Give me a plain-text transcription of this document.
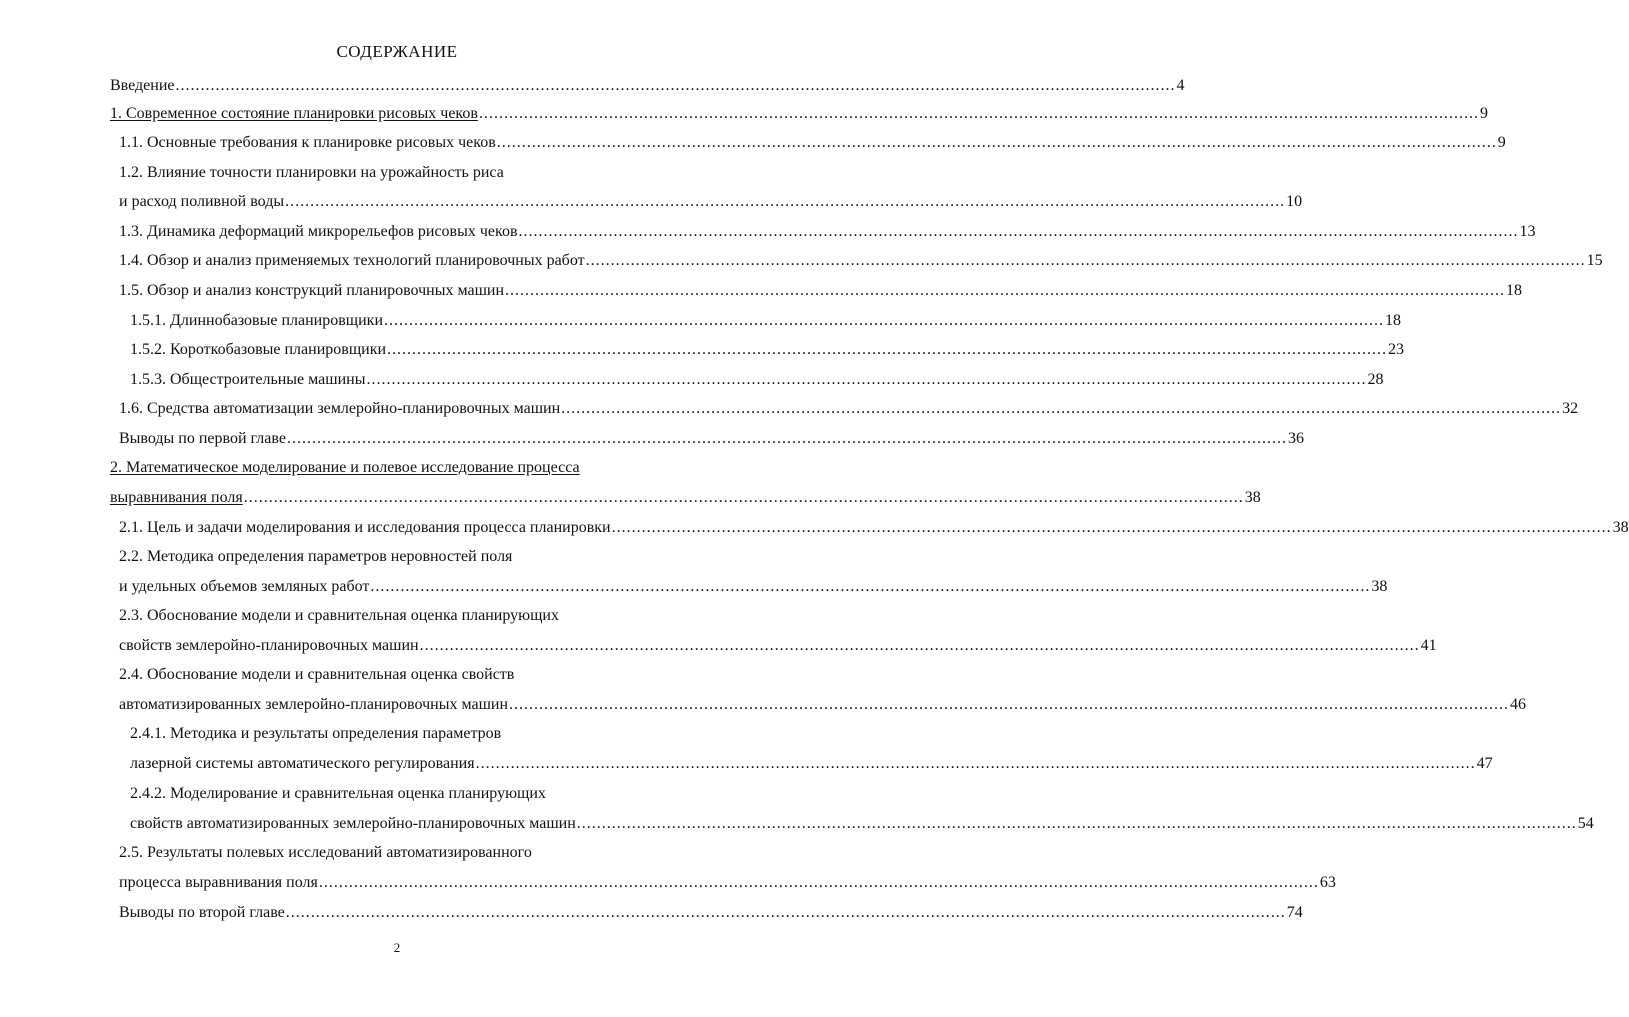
СОДЕРЖАНИЕ
Введение ........................................................................................................................................................................................................ 4
1. Современное состояние планировки рисовых чеков ........................................................................................................................................................................................................ 9
1.1. Основные требования к планировке рисовых чеков ........................................................................................................................................................................................................ 9
1.2. Влияние точности планировки на урожайность риса
и расход поливной воды ........................................................................................................................................................................................................ 10
1.3. Динамика деформаций микрорельефов рисовых чеков ........................................................................................................................................................................................................ 13
1.4. Обзор и анализ применяемых технологий планировочных работ ........................................................................................................................................................................................................ 15
1.5. Обзор и анализ конструкций планировочных машин ........................................................................................................................................................................................................ 18
1.5.1. Длиннобазовые планировщики ........................................................................................................................................................................................................ 18
1.5.2. Короткобазовые планировщики ........................................................................................................................................................................................................ 23
1.5.3. Общестроительные машины ........................................................................................................................................................................................................ 28
1.6. Средства автоматизации землеройно-планировочных машин ........................................................................................................................................................................................................ 32
Выводы по первой главе ........................................................................................................................................................................................................ 36
2. Математическое моделирование и полевое исследование процесса
выравнивания поля ........................................................................................................................................................................................................ 38
2.1. Цель и задачи моделирования и исследования процесса планировки ........................................................................................................................................................................................................ 38
2.2. Методика определения параметров неровностей поля
и удельных объемов земляных работ ........................................................................................................................................................................................................ 38
2.3. Обоснование модели и сравнительная оценка планирующих
свойств землеройно-планировочных машин ........................................................................................................................................................................................................ 41
2.4. Обоснование модели и сравнительная оценка свойств
автоматизированных землеройно-планировочных машин ........................................................................................................................................................................................................ 46
2.4.1. Методика и результаты определения параметров
лазерной системы автоматического регулирования ........................................................................................................................................................................................................ 47
2.4.2. Моделирование и сравнительная оценка планирующих
свойств автоматизированных землеройно-планировочных машин ........................................................................................................................................................................................................ 54
2.5. Результаты полевых исследований автоматизированного
процесса выравнивания поля ........................................................................................................................................................................................................ 63
Выводы по второй главе ........................................................................................................................................................................................................ 74
2
